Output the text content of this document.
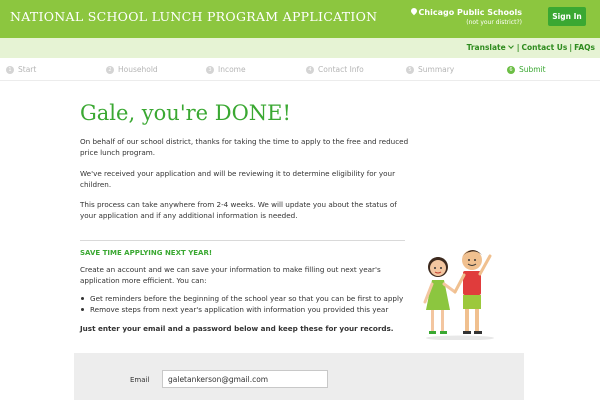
NATIONAL SCHOOL LUNCH PROGRAM APPLICATION	Chicago Public Schools
(not your district?)
Sign In
Translate | Contact Us | FAQs
1 Start	2 Household	3 Income	4 Contact Info	5 Summary	6 Submit
Gale, you're DONE!

On behalf of our school district, thanks for taking the time to apply to the free and reduced price lunch program.

We've received your application and will be reviewing it to determine eligibility for your children.

This process can take anywhere from 2-4 weeks. We will update you about the status of your application and if any additional information is needed.

SAVE TIME APPLYING NEXT YEAR!

Create an account and we can save your information to make filling out next year's application more efficient. You can:

Get reminders before the beginning of the school year so that you can be first to apply
Remove steps from next year's application with information you provided this year
Just enter your email and a password below and keep these for your records.
Email
galetankerson@gmail.com
